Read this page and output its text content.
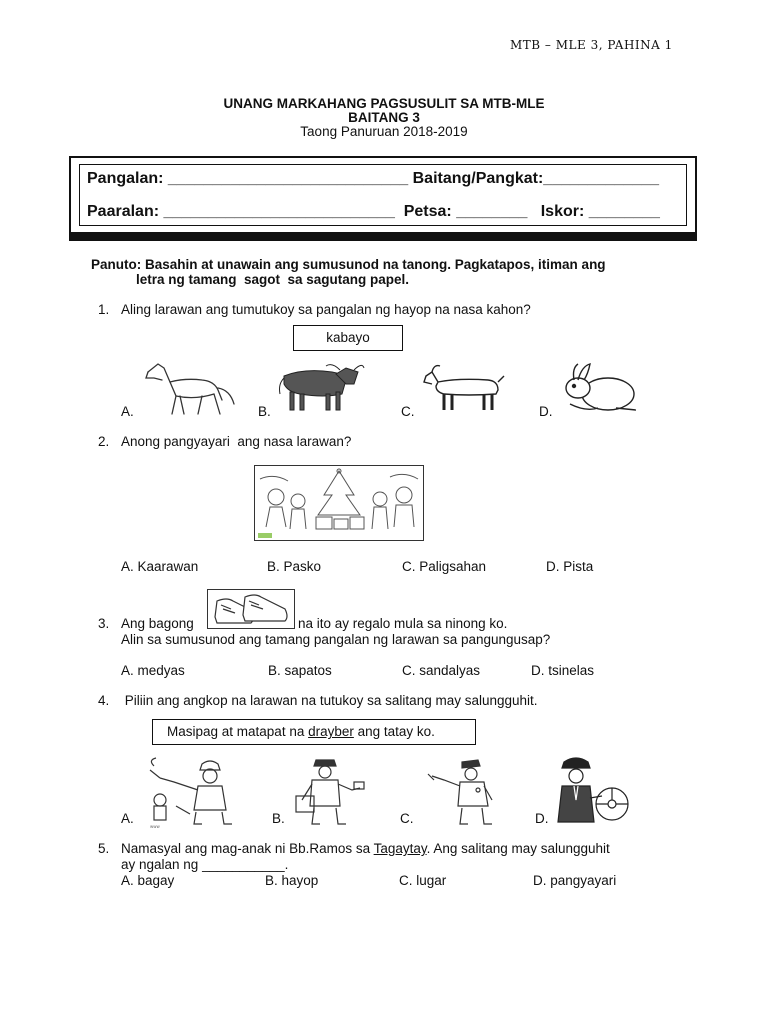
MTB – MLE 3, PAHINA 1
UNANG MARKAHANG PAGSUSULIT SA MTB-MLE
BAITANG 3
Taong Panuruan 2018-2019
Pangalan: ___________________________ Baitang/Pangkat:_____________
Paaralan: __________________________  Petsa: ________   Iskor: ________
Panuto: Basahin at unawain ang sumusunod na tanong. Pagkatapos, itiman ang
letra ng tamang  sagot  sa sagutang papel.
1. Aling larawan ang tumutukoy sa pangalan ng hayop na nasa kahon?
kabayo
A.	B.	C.	D.
2. Anong pangyayari  ang nasa larawan?
A. Kaarawan	B. Pasko	C. Paligsahan	D. Pista
3. Ang bagong	na ito ay regalo mula sa ninong ko.
Alin sa sumusunod ang tamang pangalan ng larawan sa pangungusap?
A. medyas	B. sapatos	C. sandalyas	D. tsinelas
4. Piliin ang angkop na larawan na tutukoy sa salitang may salungguhit.
Masipag at matapat na drayber ang tatay ko.
A.	B.	C.	D.
www
5. Namasyal ang mag-anak ni Bb.Ramos sa Tagaytay. Ang salitang may salungguhit
ay ngalan ng ___________.
A. bagay	B. hayop	C. lugar	D. pangyayari
